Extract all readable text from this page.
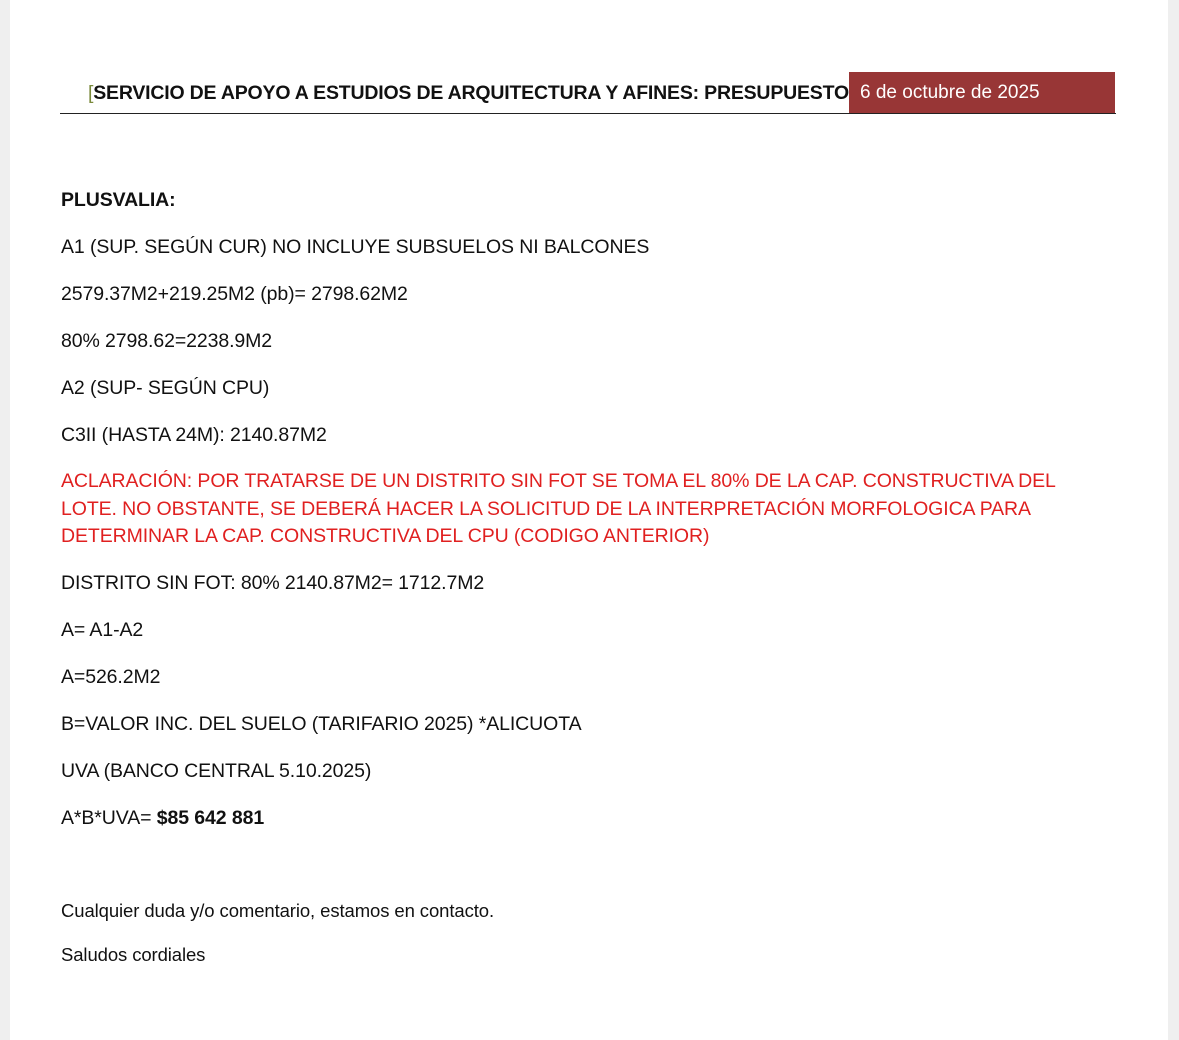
[SERVICIO DE APOYO A ESTUDIOS DE ARQUITECTURA Y AFINES: PRESUPUESTO 6 de octubre de 2025
PLUSVALIA:
A1 (SUP. SEGÚN CUR) NO INCLUYE SUBSUELOS NI BALCONES
2579.37M2+219.25M2 (pb)= 2798.62M2
80% 2798.62=2238.9M2
A2 (SUP- SEGÚN CPU)
C3II (HASTA 24M): 2140.87M2
ACLARACIÓN: POR TRATARSE DE UN DISTRITO SIN FOT SE TOMA EL 80% DE LA CAP. CONSTRUCTIVA DEL LOTE. NO OBSTANTE, SE DEBERÁ HACER LA SOLICITUD DE LA INTERPRETACIÓN MORFOLOGICA PARA DETERMINAR LA CAP. CONSTRUCTIVA DEL CPU (CODIGO ANTERIOR)
DISTRITO SIN FOT: 80% 2140.87M2= 1712.7M2
A= A1-A2
A=526.2M2
B=VALOR INC. DEL SUELO (TARIFARIO 2025) *ALICUOTA
UVA (BANCO CENTRAL 5.10.2025)
A*B*UVA= $85 642 881
Cualquier duda y/o comentario, estamos en contacto.
Saludos cordiales
